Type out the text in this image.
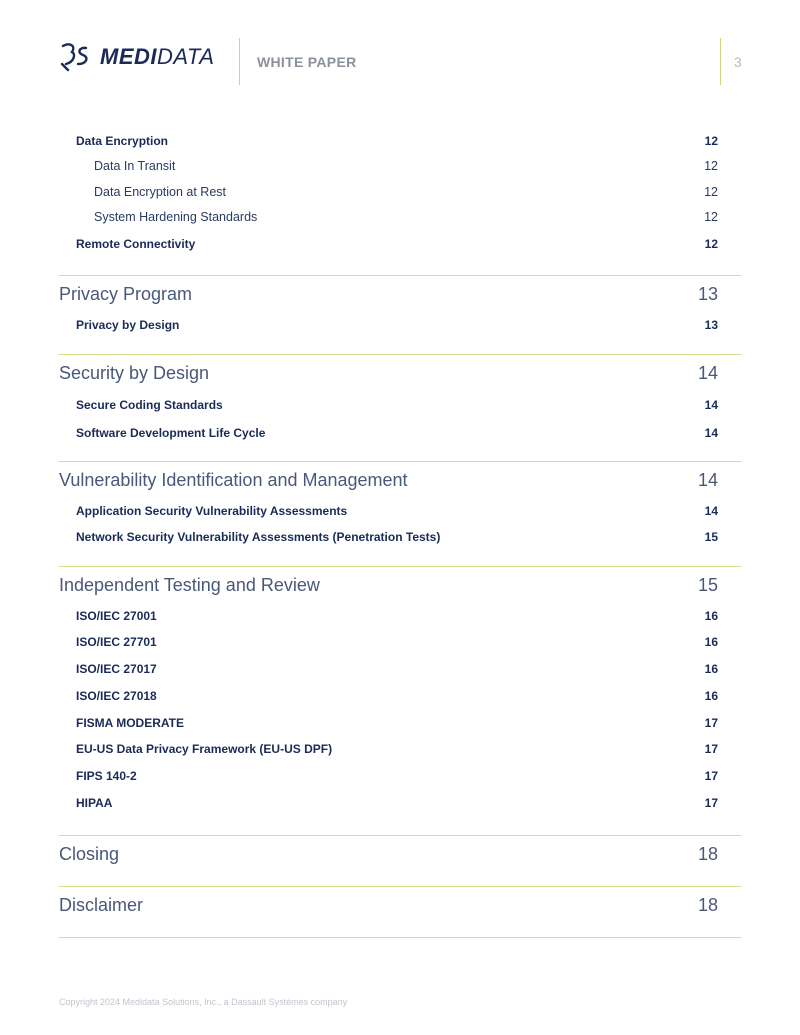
MEDIDATA	WHITE PAPER	3
Data Encryption	12
Data In Transit	12
Data Encryption at Rest	12
System Hardening Standards	12
Remote Connectivity	12
Privacy Program	13
Privacy by Design	13
Security by Design	14
Secure Coding Standards	14
Software Development Life Cycle	14
Vulnerability Identification and Management	14
Application Security Vulnerability Assessments	14
Network Security Vulnerability Assessments (Penetration Tests)	15
Independent Testing and Review	15
ISO/IEC 27001	16
ISO/IEC 27701	16
ISO/IEC 27017	16
ISO/IEC 27018	16
FISMA MODERATE	17
EU-US Data Privacy Framework (EU-US DPF)	17
FIPS 140-2	17
HIPAA	17
Closing	18
Disclaimer	18
Copyright 2024 Medidata Solutions, Inc., a Dassault Systèmes company
